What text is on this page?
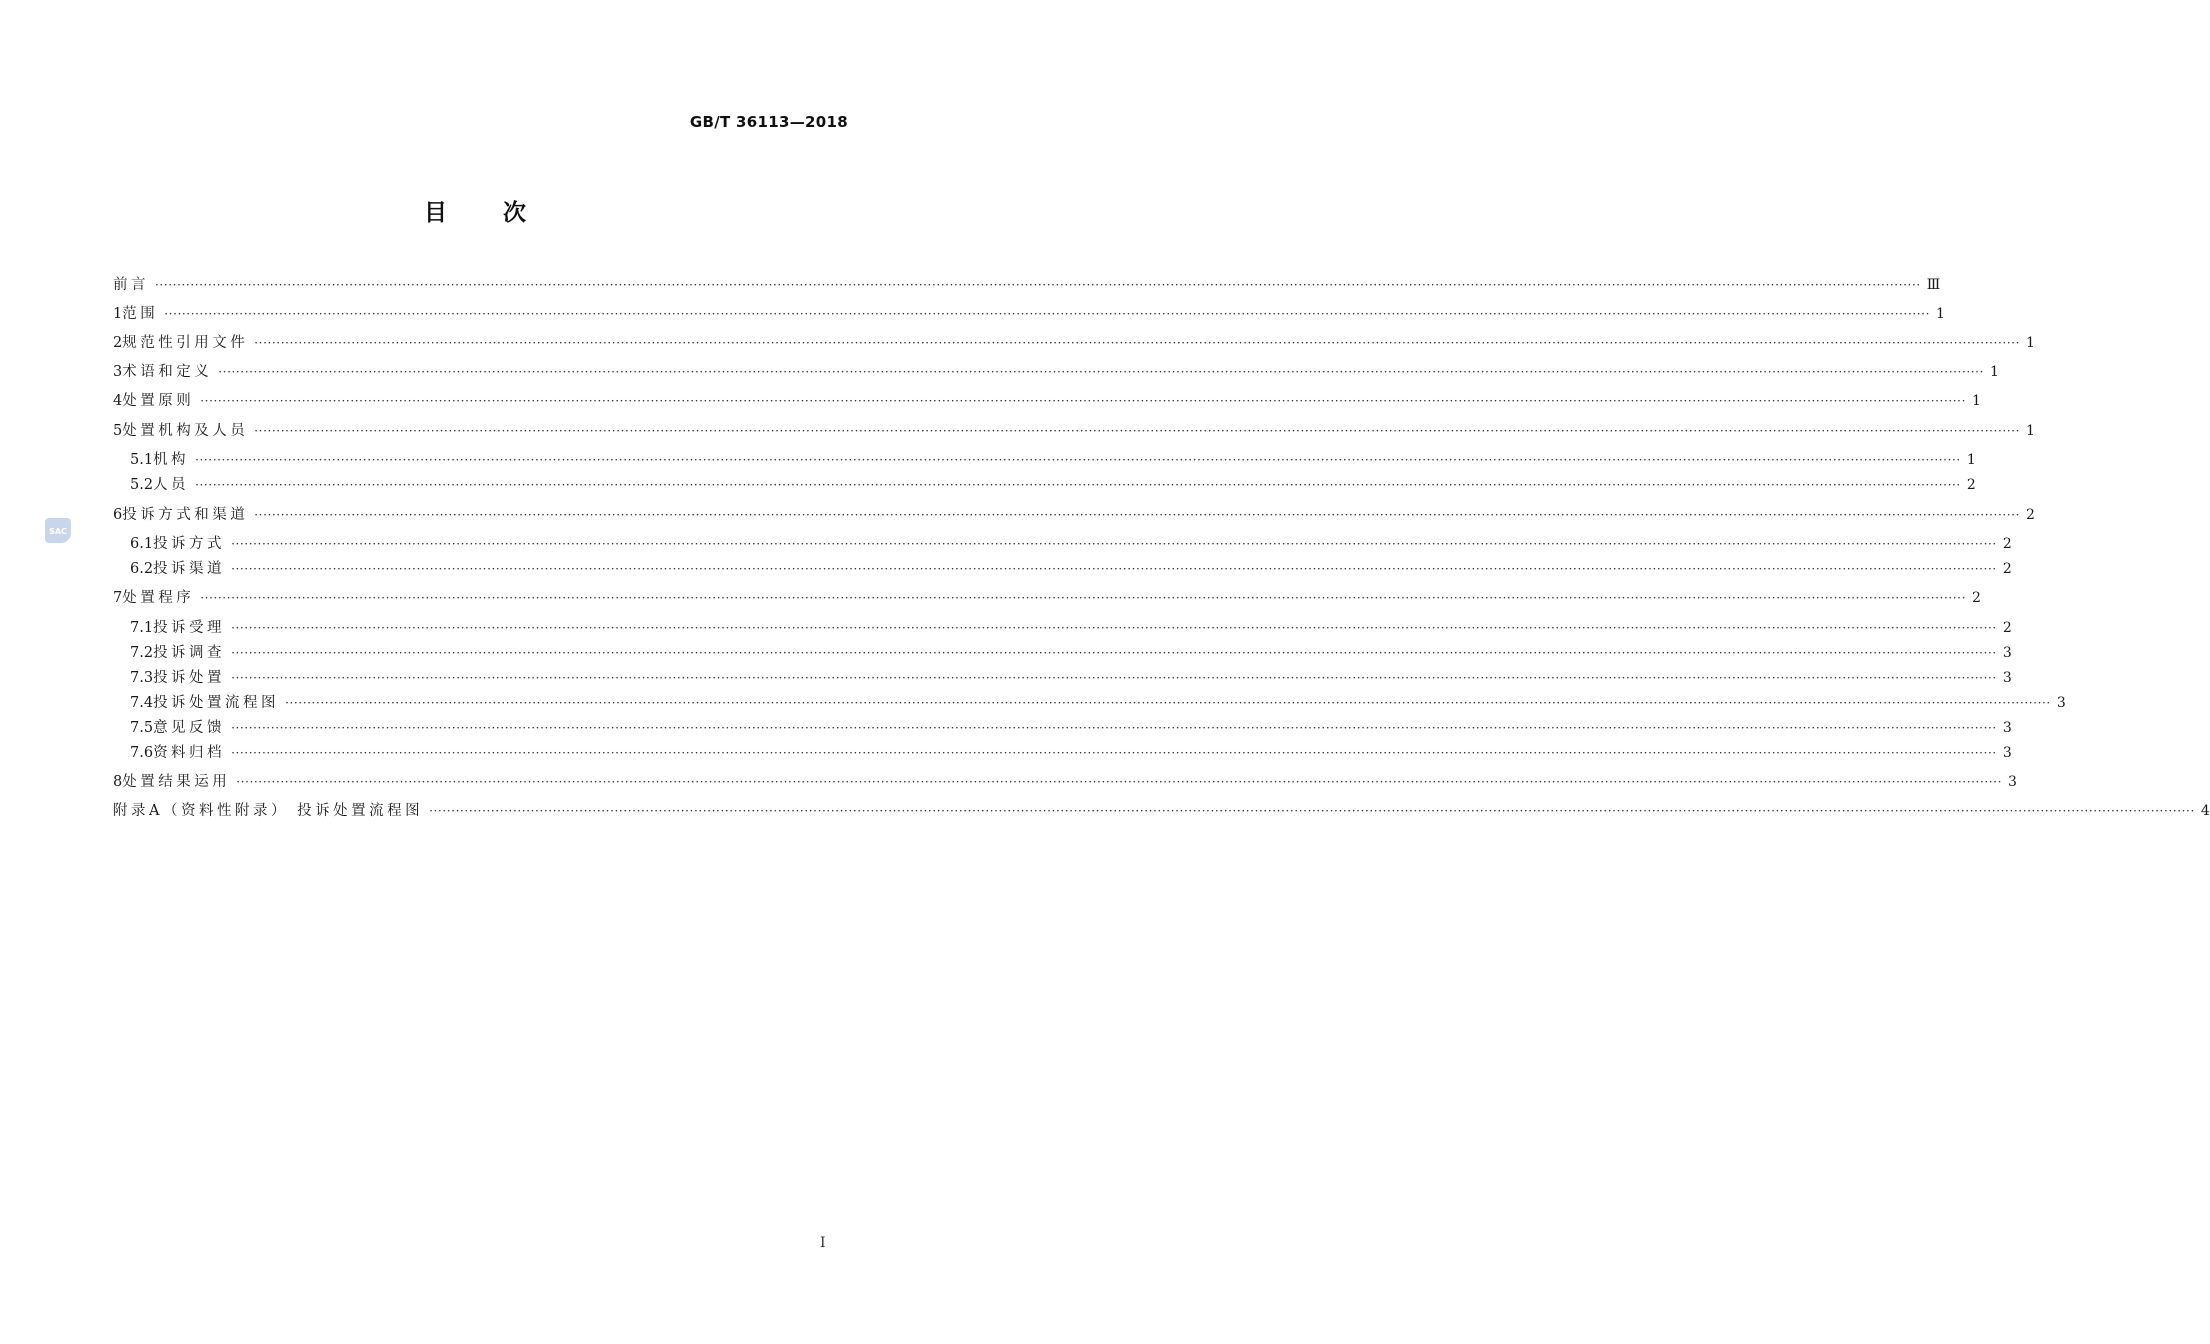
GB/T 36113—2018
目 次
SAC
前言 ················································································································································································································································································································································································································ Ⅲ
1 范围 ················································································································································································································································································································································································································ 1
2 规范性引用文件 ················································································································································································································································································································································································································ 1
3 术语和定义 ················································································································································································································································································································································································································ 1
4 处置原则 ················································································································································································································································································································································································································ 1
5 处置机构及人员 ················································································································································································································································································································································································································ 1
5.1 机构 ················································································································································································································································································································································································································ 1
5.2 人员 ················································································································································································································································································································································································································ 2
6 投诉方式和渠道 ················································································································································································································································································································································································································ 2
6.1 投诉方式 ················································································································································································································································································································································································································ 2
6.2 投诉渠道 ················································································································································································································································································································································································································ 2
7 处置程序 ················································································································································································································································································································································································································ 2
7.1 投诉受理 ················································································································································································································································································································································································································ 2
7.2 投诉调查 ················································································································································································································································································································································································································ 3
7.3 投诉处置 ················································································································································································································································································································································································································ 3
7.4 投诉处置流程图 ················································································································································································································································································································································································································ 3
7.5 意见反馈 ················································································································································································································································································································································································································ 3
7.6 资料归档 ················································································································································································································································································································································································································ 3
8 处置结果运用 ················································································································································································································································································································································································································ 3
附录A（资料性附录） 投诉处置流程图 ················································································································································································································································································································································································································ 4
Ⅰ
